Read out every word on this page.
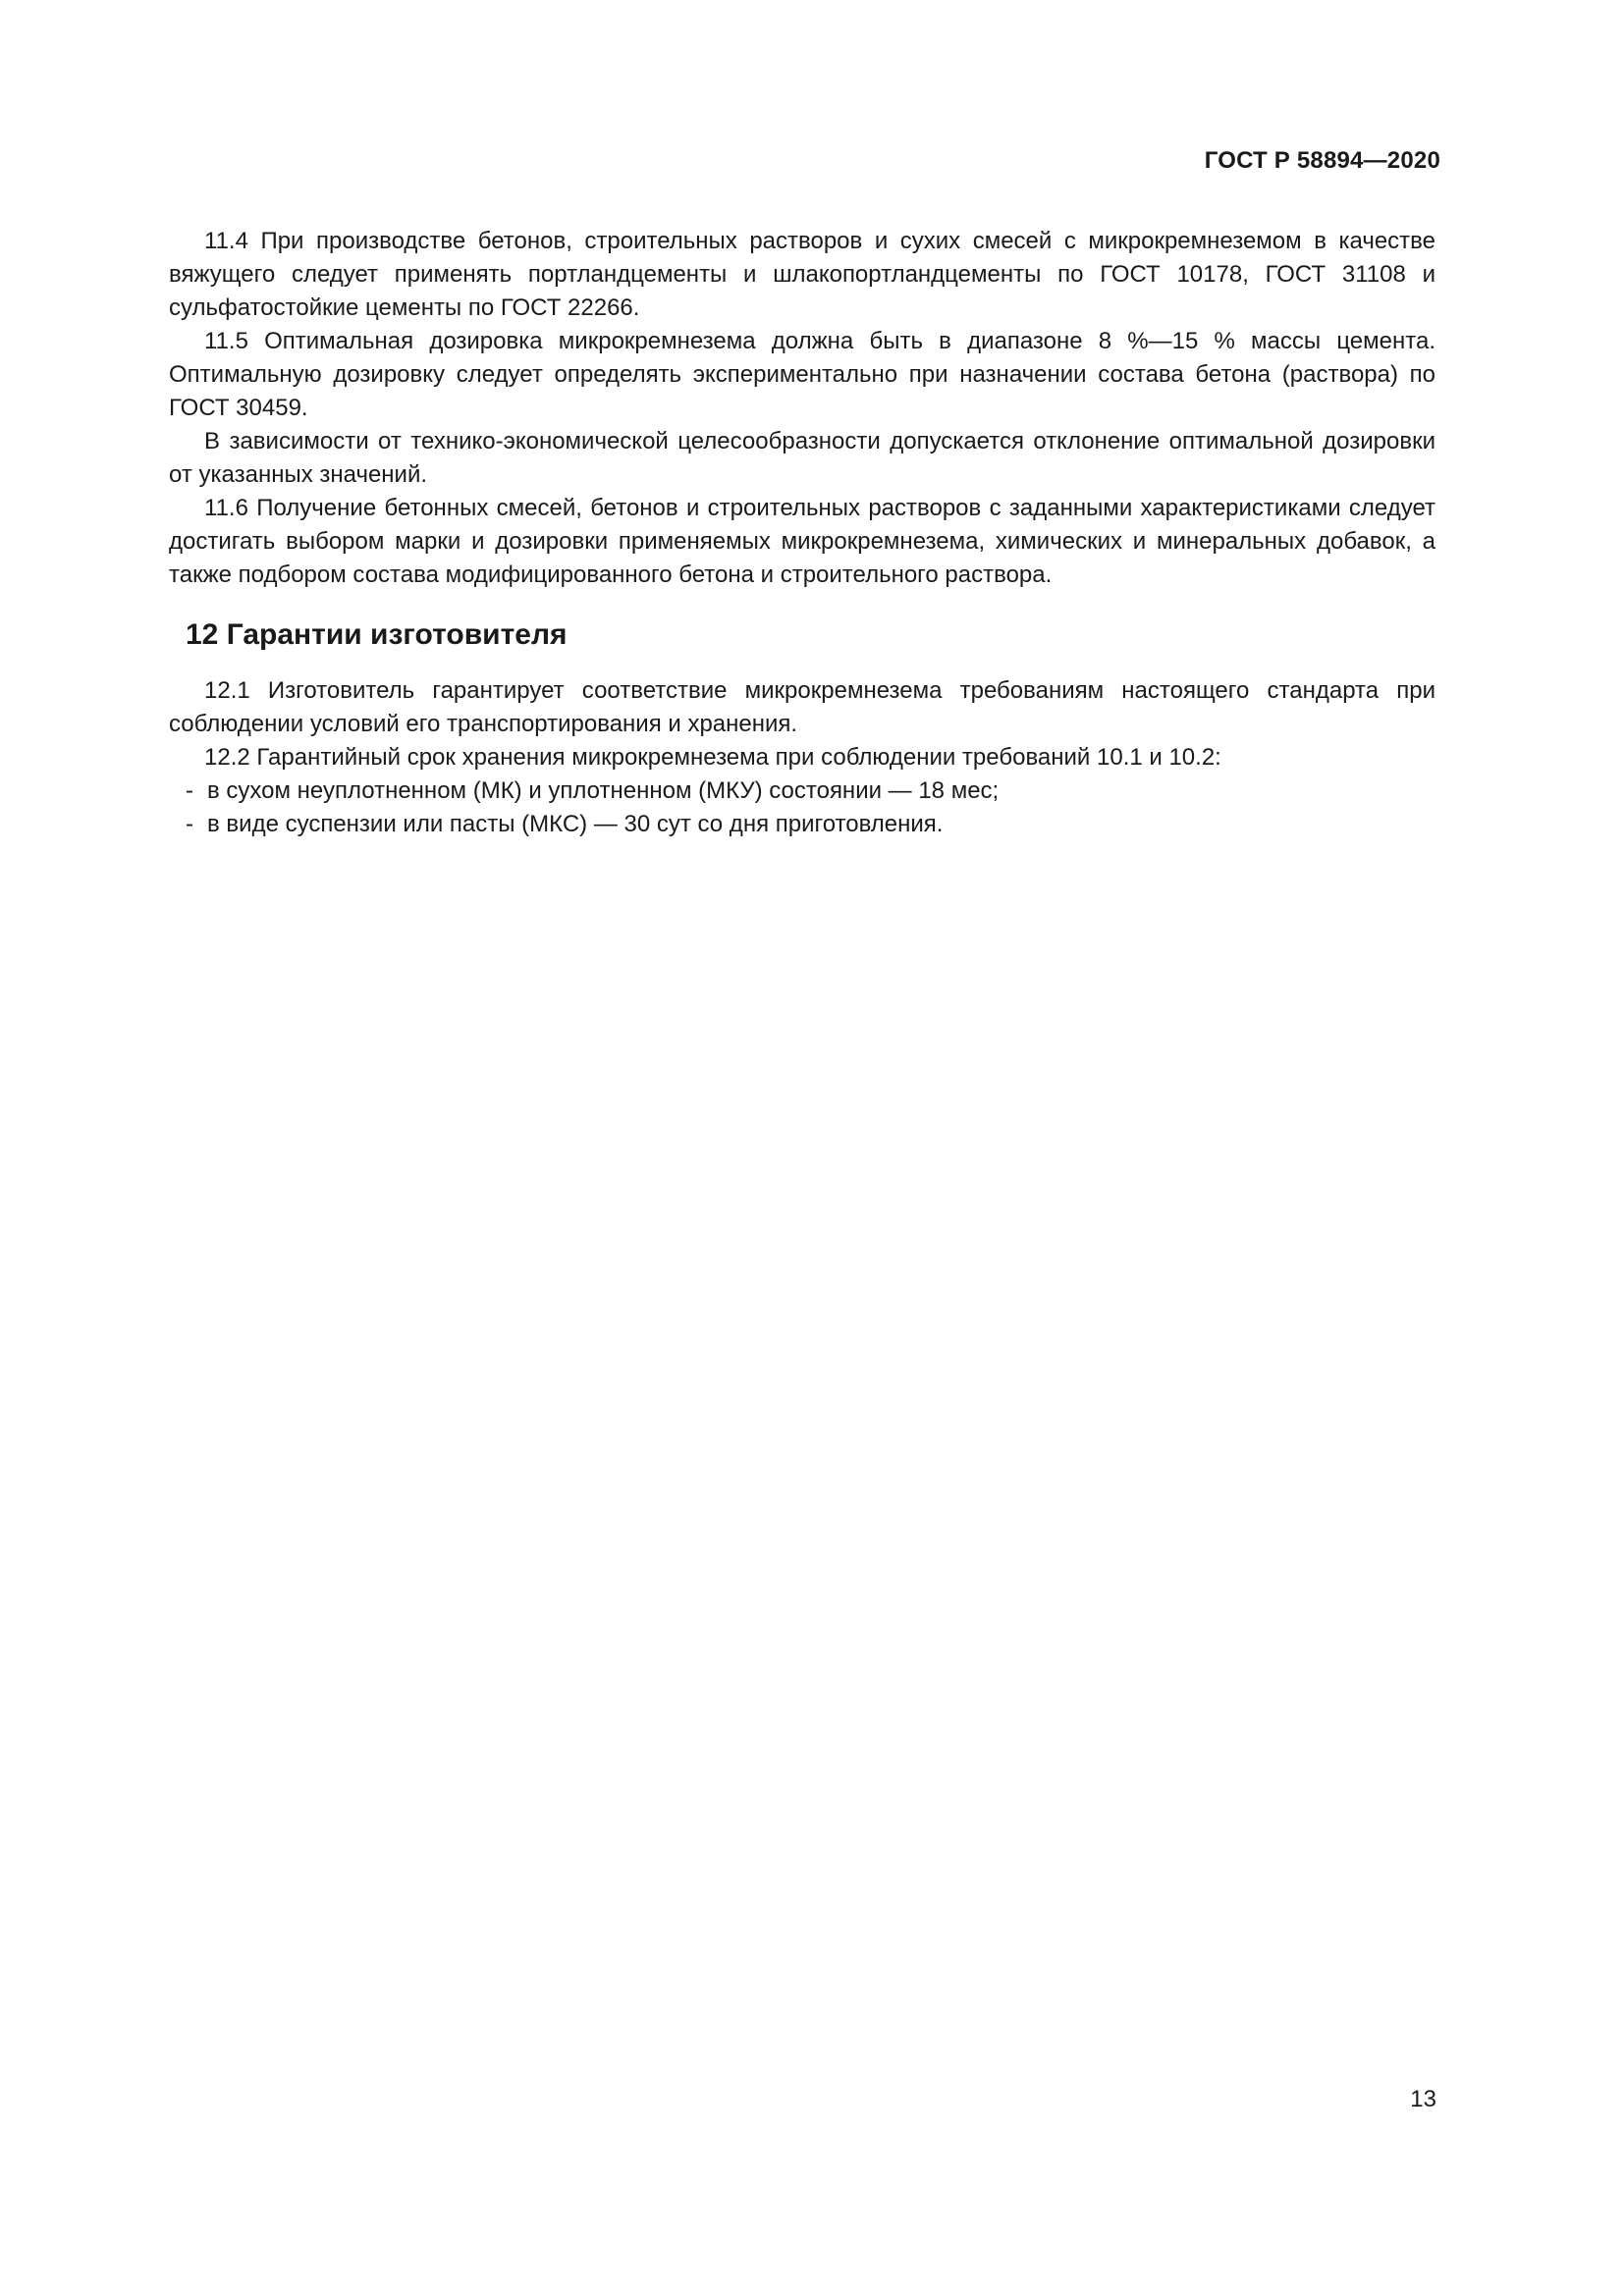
ГОСТ Р 58894—2020

11.4 При производстве бетонов, строительных растворов и сухих смесей с микрокремнеземом в качестве вяжущего следует применять портландцементы и шлакопортландцементы по ГОСТ 10178, ГОСТ 31108 и сульфатостойкие цементы по ГОСТ 22266.

11.5 Оптимальная дозировка микрокремнезема должна быть в диапазоне 8 %—15 % массы цемента. Оптимальную дозировку следует определять экспериментально при назначении состава бетона (раствора) по ГОСТ 30459.

В зависимости от технико-экономической целесообразности допускается отклонение оптимальной дозировки от указанных значений.

11.6 Получение бетонных смесей, бетонов и строительных растворов с заданными характеристиками следует достигать выбором марки и дозировки применяемых микрокремнезема, химических и минеральных добавок, а также подбором состава модифицированного бетона и строительного раствора.

12 Гарантии изготовителя

12.1 Изготовитель гарантирует соответствие микрокремнезема требованиям настоящего стандарта при соблюдении условий его транспортирования и хранения.

12.2 Гарантийный срок хранения микрокремнезема при соблюдении требований 10.1 и 10.2:

- в сухом неуплотненном (МК) и уплотненном (МКУ) состоянии — 18 мес;
- в виде суспензии или пасты (МКС) — 30 сут со дня приготовления.
13
